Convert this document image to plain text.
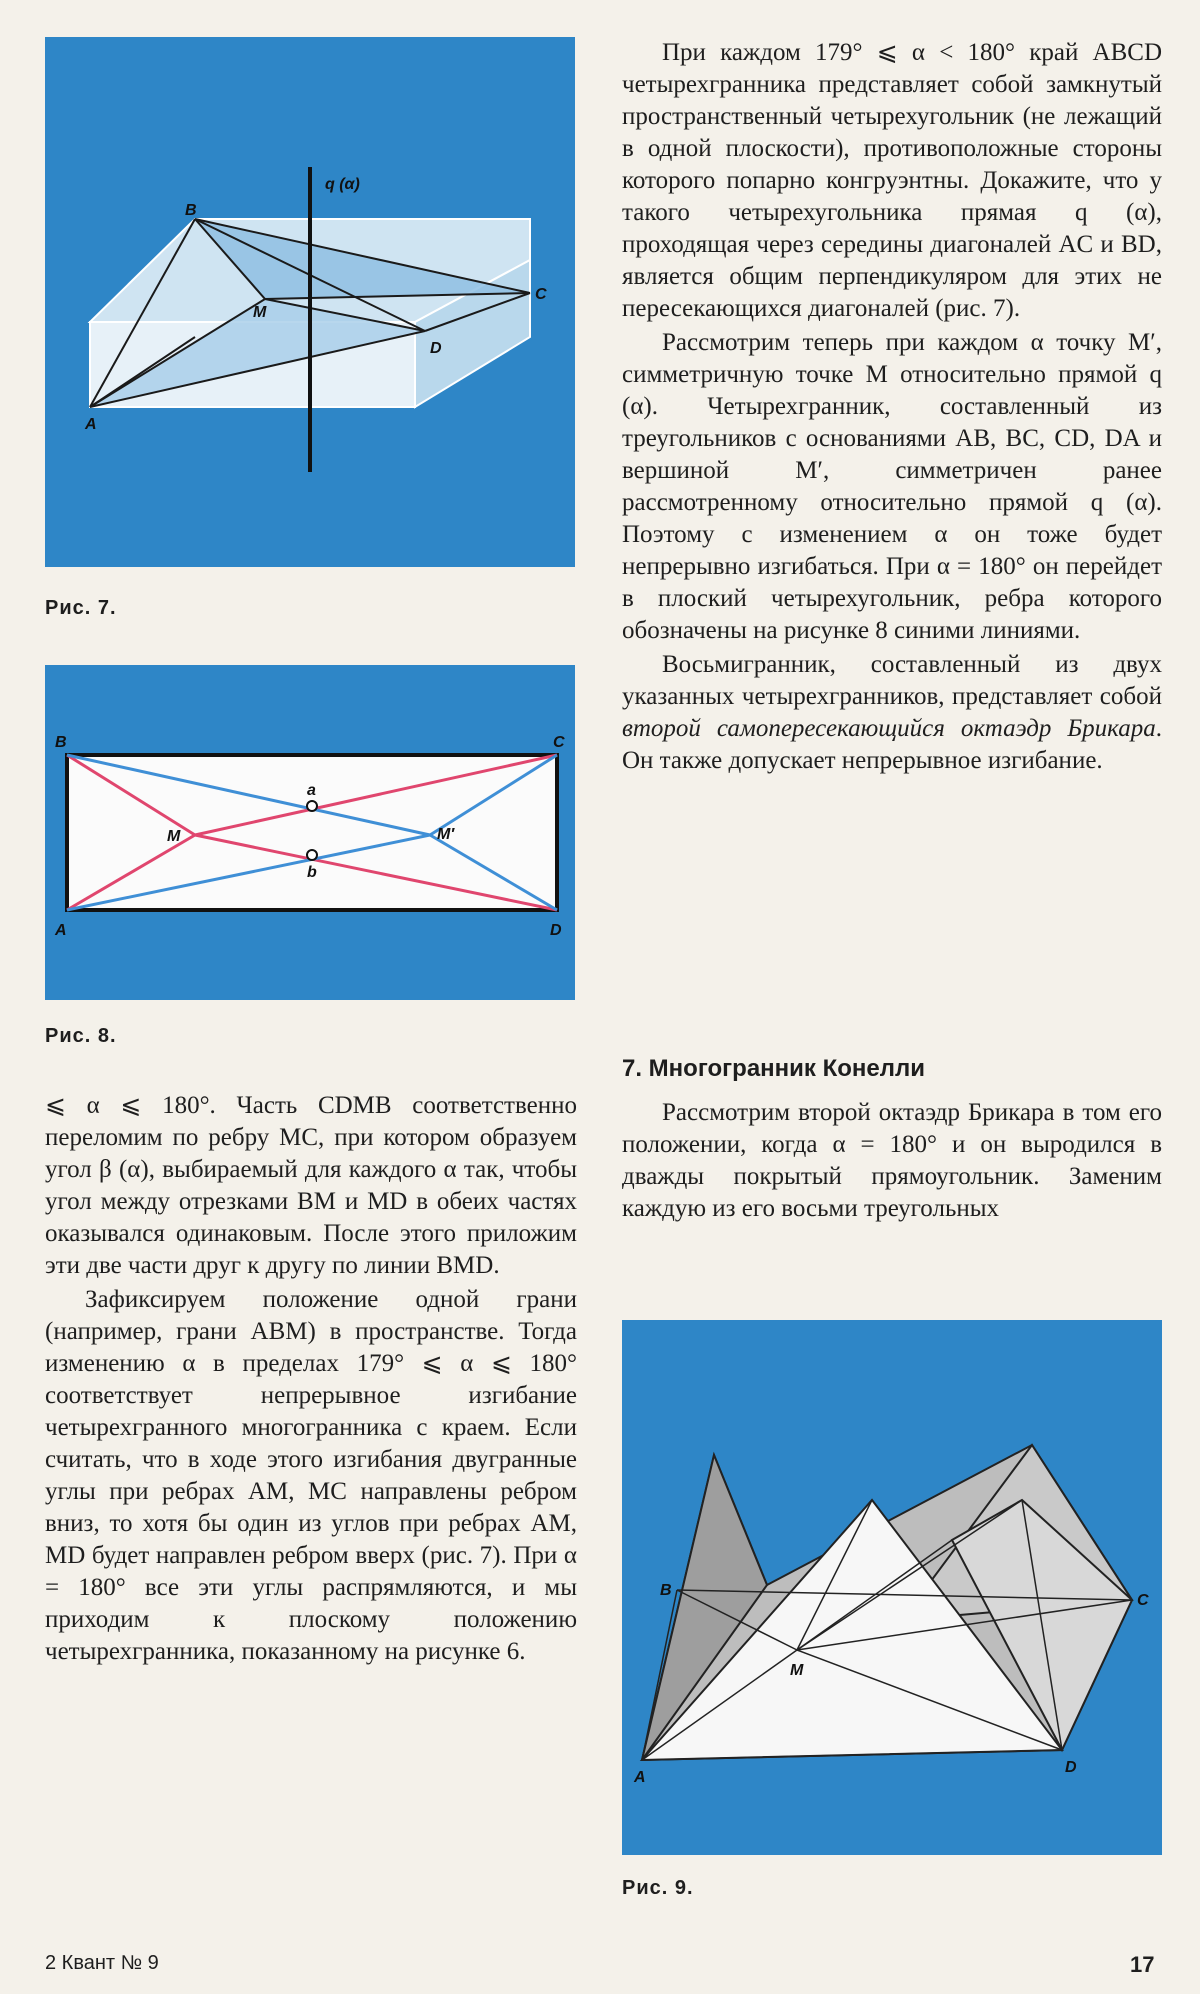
q (α)
B
M
C
D
A
Рис. 7.
B	C
A	D
M	M′
a
b
Рис. 8.

⩽ α ⩽ 180°. Часть CDMB соответственно переломим по ребру MC, при котором образуем угол β (α), выбираемый для каждого α так, чтобы угол между отрезками BM и MD в обеих частях оказывался одинаковым. После этого приложим эти две части друг к другу по линии BMD.

Зафиксируем положение одной грани (например, грани ABM) в пространстве. Тогда изменению α в пределах 179° ⩽ α ⩽ 180° соответствует непрерывное изгибание четырехгранного многогранника с краем. Если считать, что в ходе этого изгибания двугранные углы при ребрах AM, MC направлены ребром вниз, то хотя бы один из углов при ребрах AM, MD будет направлен ребром вверх (рис. 7). При α = 180° все эти углы распрямляются, и мы приходим к плоскому положению четырехгранника, показанному на рисунке 6.

При каждом 179° ⩽ α < 180° край ABCD четырехгранника представляет собой замкнутый пространственный четырехугольник (не лежащий в одной плоскости), противоположные стороны которого попарно конгруэнтны. Докажите, что у такого четырехугольника прямая q (α), проходящая через середины диагоналей AC и BD, является общим перпендикуляром для этих не пересекающихся диагоналей (рис. 7).

Рассмотрим теперь при каждом α точку M′, симметричную точке M относительно прямой q (α). Четырехгранник, составленный из треугольников с основаниями AB, BC, CD, DA и вершиной M′, симметричен ранее рассмотренному относительно прямой q (α). Поэтому с изменением α он тоже будет непрерывно изгибаться. При α = 180° он перейдет в плоский четырехугольник, ребра которого обозначены на рисунке 8 синими линиями.

Восьмигранник, составленный из двух указанных четырехгранников, представляет собой второй самопересекающийся октаэдр Брикара. Он также допускает непрерывное изгибание.

7. Многогранник Конелли

Рассмотрим второй октаэдр Брикара в том его положении, когда α = 180° и он выродился в дважды покрытый прямоугольник. Заменим каждую из его восьми треугольных

B
C
A
D
M
Рис. 9.
2 Квант № 9	17
